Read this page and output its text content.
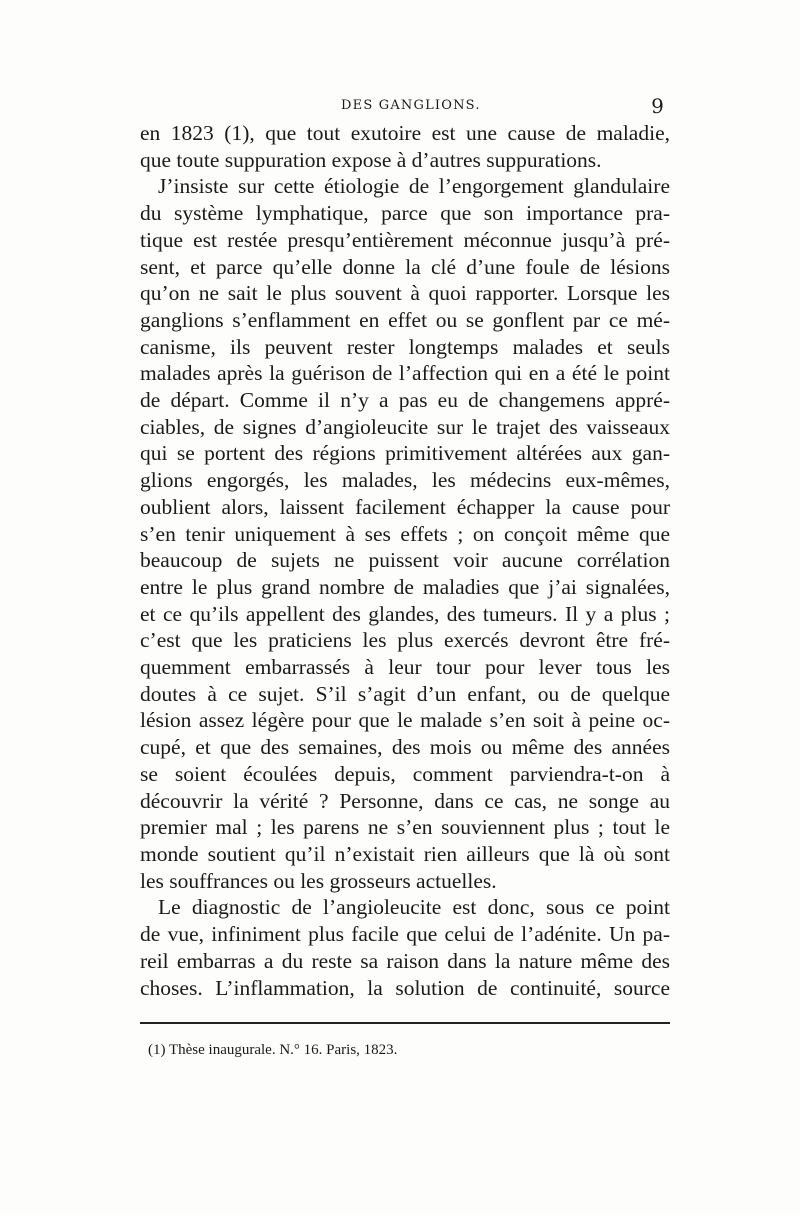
DES GANGLIONS.	9
en 1823 (1), que tout exutoire est une cause de maladie,
que toute suppuration expose à d’autres suppurations.
J’insiste sur cette étiologie de l’engorgement glandulaire
du système lymphatique, parce que son importance pra-
tique est restée presqu’entièrement méconnue jusqu’à pré-
sent, et parce qu’elle donne la clé d’une foule de lésions
qu’on ne sait le plus souvent à quoi rapporter. Lorsque les
ganglions s’enflamment en effet ou se gonflent par ce mé-
canisme, ils peuvent rester longtemps malades et seuls
malades après la guérison de l’affection qui en a été le point
de départ. Comme il n’y a pas eu de changemens appré-
ciables, de signes d’angioleucite sur le trajet des vaisseaux
qui se portent des régions primitivement altérées aux gan-
glions engorgés, les malades, les médecins eux-mêmes,
oublient alors, laissent facilement échapper la cause pour
s’en tenir uniquement à ses effets ; on conçoit même que
beaucoup de sujets ne puissent voir aucune corrélation
entre le plus grand nombre de maladies que j’ai signalées,
et ce qu’ils appellent des glandes, des tumeurs. Il y a plus ;
c’est que les praticiens les plus exercés devront être fré-
quemment embarrassés à leur tour pour lever tous les
doutes à ce sujet. S’il s’agit d’un enfant, ou de quelque
lésion assez légère pour que le malade s’en soit à peine oc-
cupé, et que des semaines, des mois ou même des années
se soient écoulées depuis, comment parviendra-t-on à
découvrir la vérité ? Personne, dans ce cas, ne songe au
premier mal ; les parens ne s’en souviennent plus ; tout le
monde soutient qu’il n’existait rien ailleurs que là où sont
les souffrances ou les grosseurs actuelles.
Le diagnostic de l’angioleucite est donc, sous ce point
de vue, infiniment plus facile que celui de l’adénite. Un pa-
reil embarras a du reste sa raison dans la nature même des
choses. L’inflammation, la solution de continuité, source
(1) Thèse inaugurale. N.° 16. Paris, 1823.
